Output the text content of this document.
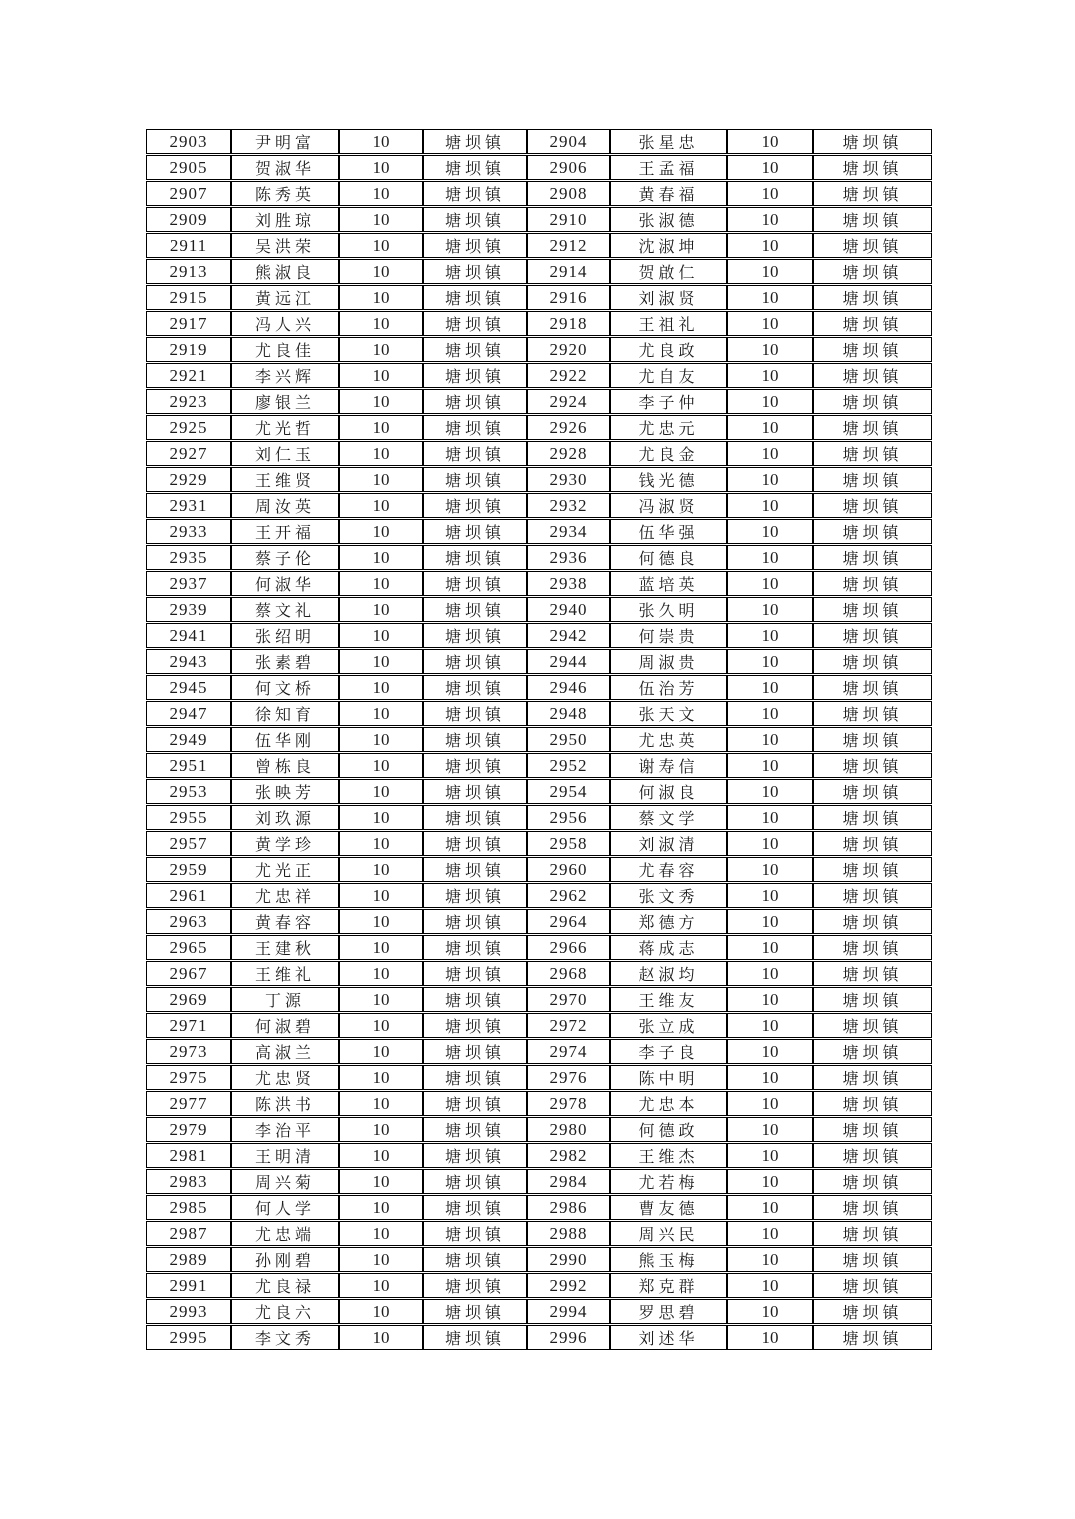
2903	尹明富	10	塘坝镇	2904	张星忠	10	塘坝镇
2905	贺淑华	10	塘坝镇	2906	王孟福	10	塘坝镇
2907	陈秀英	10	塘坝镇	2908	黄春福	10	塘坝镇
2909	刘胜琼	10	塘坝镇	2910	张淑德	10	塘坝镇
2911	吴洪荣	10	塘坝镇	2912	沈淑坤	10	塘坝镇
2913	熊淑良	10	塘坝镇	2914	贺啟仁	10	塘坝镇
2915	黄远江	10	塘坝镇	2916	刘淑贤	10	塘坝镇
2917	冯人兴	10	塘坝镇	2918	王祖礼	10	塘坝镇
2919	尤良佳	10	塘坝镇	2920	尤良政	10	塘坝镇
2921	李兴辉	10	塘坝镇	2922	尤自友	10	塘坝镇
2923	廖银兰	10	塘坝镇	2924	李子仲	10	塘坝镇
2925	尤光哲	10	塘坝镇	2926	尤忠元	10	塘坝镇
2927	刘仁玉	10	塘坝镇	2928	尤良金	10	塘坝镇
2929	王维贤	10	塘坝镇	2930	钱光德	10	塘坝镇
2931	周汝英	10	塘坝镇	2932	冯淑贤	10	塘坝镇
2933	王开福	10	塘坝镇	2934	伍华强	10	塘坝镇
2935	蔡子伦	10	塘坝镇	2936	何德良	10	塘坝镇
2937	何淑华	10	塘坝镇	2938	蓝培英	10	塘坝镇
2939	蔡文礼	10	塘坝镇	2940	张久明	10	塘坝镇
2941	张绍明	10	塘坝镇	2942	何崇贵	10	塘坝镇
2943	张素碧	10	塘坝镇	2944	周淑贵	10	塘坝镇
2945	何文桥	10	塘坝镇	2946	伍治芳	10	塘坝镇
2947	徐知育	10	塘坝镇	2948	张天文	10	塘坝镇
2949	伍华刚	10	塘坝镇	2950	尤忠英	10	塘坝镇
2951	曾栋良	10	塘坝镇	2952	谢寿信	10	塘坝镇
2953	张映芳	10	塘坝镇	2954	何淑良	10	塘坝镇
2955	刘玖源	10	塘坝镇	2956	蔡文学	10	塘坝镇
2957	黄学珍	10	塘坝镇	2958	刘淑清	10	塘坝镇
2959	尤光正	10	塘坝镇	2960	尤春容	10	塘坝镇
2961	尤忠祥	10	塘坝镇	2962	张文秀	10	塘坝镇
2963	黄春容	10	塘坝镇	2964	郑德方	10	塘坝镇
2965	王建秋	10	塘坝镇	2966	蒋成志	10	塘坝镇
2967	王维礼	10	塘坝镇	2968	赵淑均	10	塘坝镇
2969	丁源	10	塘坝镇	2970	王维友	10	塘坝镇
2971	何淑碧	10	塘坝镇	2972	张立成	10	塘坝镇
2973	高淑兰	10	塘坝镇	2974	李子良	10	塘坝镇
2975	尤忠贤	10	塘坝镇	2976	陈中明	10	塘坝镇
2977	陈洪书	10	塘坝镇	2978	尤忠本	10	塘坝镇
2979	李治平	10	塘坝镇	2980	何德政	10	塘坝镇
2981	王明清	10	塘坝镇	2982	王维杰	10	塘坝镇
2983	周兴菊	10	塘坝镇	2984	尤若梅	10	塘坝镇
2985	何人学	10	塘坝镇	2986	曹友德	10	塘坝镇
2987	尤忠端	10	塘坝镇	2988	周兴民	10	塘坝镇
2989	孙刚碧	10	塘坝镇	2990	熊玉梅	10	塘坝镇
2991	尤良禄	10	塘坝镇	2992	郑克群	10	塘坝镇
2993	尤良六	10	塘坝镇	2994	罗思碧	10	塘坝镇
2995	李文秀	10	塘坝镇	2996	刘述华	10	塘坝镇
